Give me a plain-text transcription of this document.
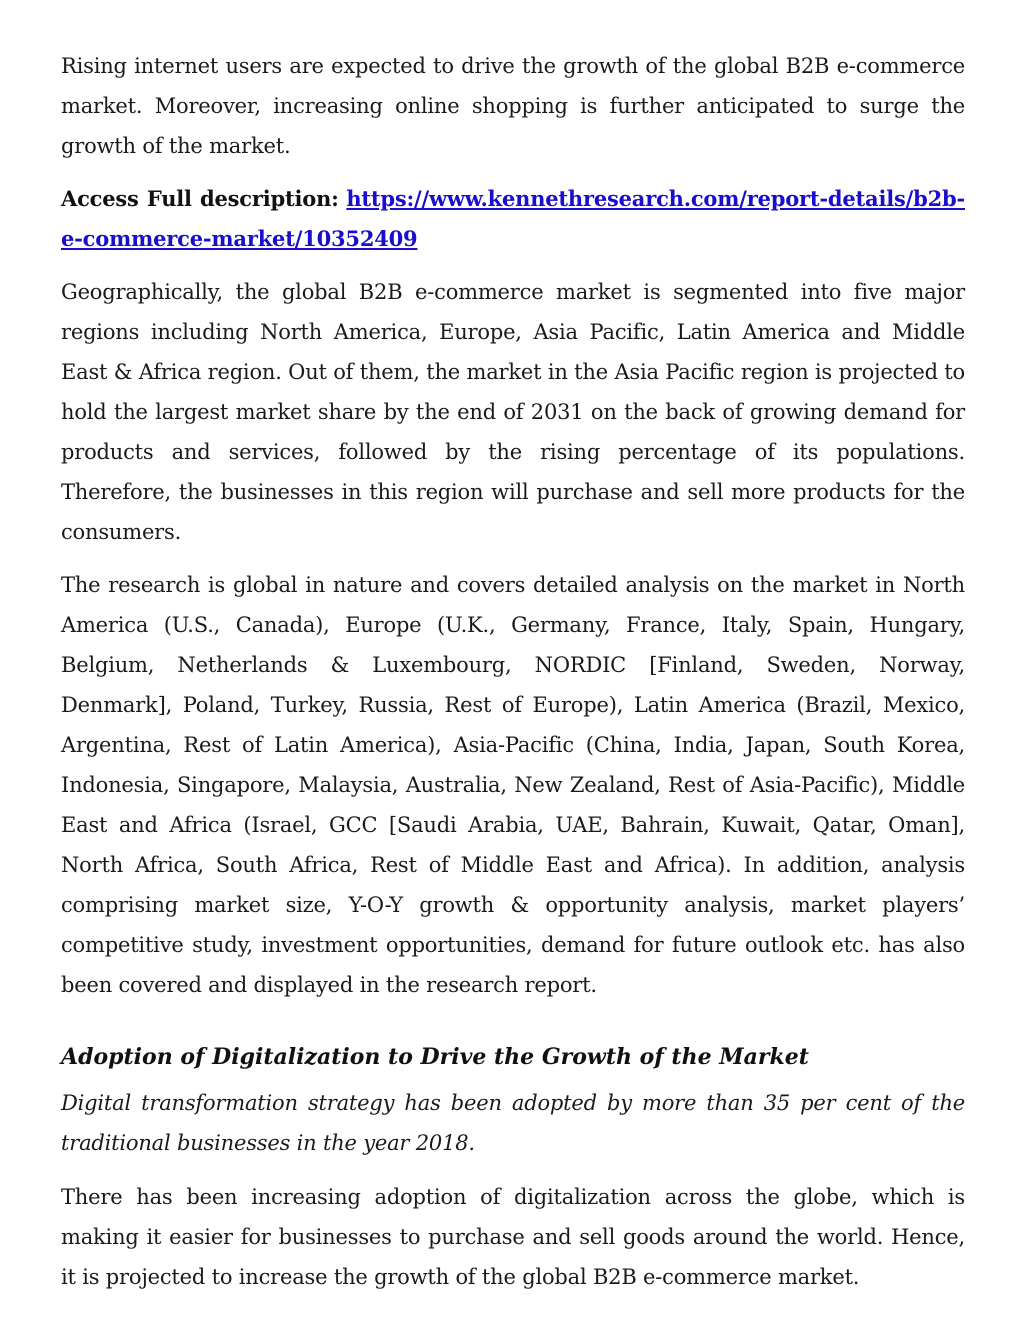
Rising internet users are expected to drive the growth of the global B2B e-commerce market. Moreover, increasing online shopping is further anticipated to surge the growth of the market.

Access Full description: https://www.kennethresearch.com/report-details/b2b-e-commerce-market/10352409

Geographically, the global B2B e-commerce market is segmented into five major regions including North America, Europe, Asia Pacific, Latin America and Middle East & Africa region. Out of them, the market in the Asia Pacific region is projected to hold the largest market share by the end of 2031 on the back of growing demand for products and services, followed by the rising percentage of its populations. Therefore, the businesses in this region will purchase and sell more products for the consumers.

The research is global in nature and covers detailed analysis on the market in North America (U.S., Canada), Europe (U.K., Germany, France, Italy, Spain, Hungary, Belgium, Netherlands & Luxembourg, NORDIC [Finland, Sweden, Norway, Denmark], Poland, Turkey, Russia, Rest of Europe), Latin America (Brazil, Mexico, Argentina, Rest of Latin America), Asia-Pacific (China, India, Japan, South Korea, Indonesia, Singapore, Malaysia, Australia, New Zealand, Rest of Asia-Pacific), Middle East and Africa (Israel, GCC [Saudi Arabia, UAE, Bahrain, Kuwait, Qatar, Oman], North Africa, South Africa, Rest of Middle East and Africa). In addition, analysis comprising market size, Y-O-Y growth & opportunity analysis, market players’ competitive study, investment opportunities, demand for future outlook etc. has also been covered and displayed in the research report.

Adoption of Digitalization to Drive the Growth of the Market

Digital transformation strategy has been adopted by more than 35 per cent of the traditional businesses in the year 2018.

There has been increasing adoption of digitalization across the globe, which is making it easier for businesses to purchase and sell goods around the world. Hence, it is projected to increase the growth of the global B2B e-commerce market.
